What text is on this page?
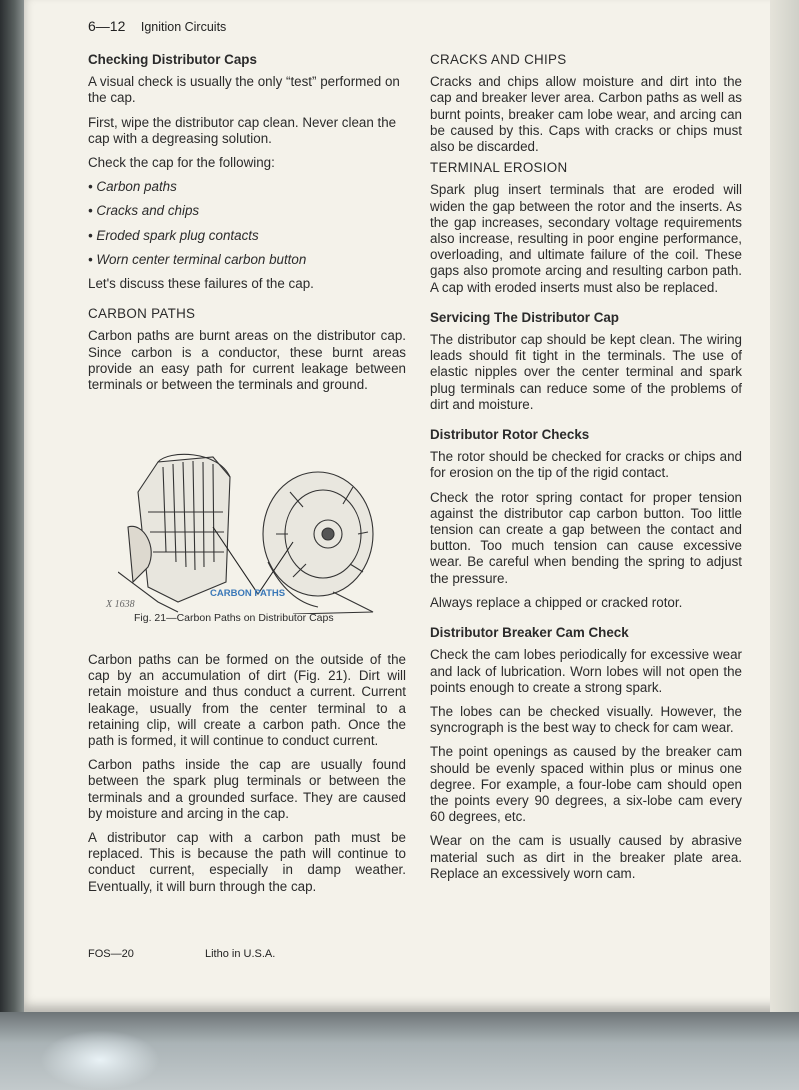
6—12 Ignition Circuits

Checking Distributor Caps

A visual check is usually the only “test” performed on the cap.

First, wipe the distributor cap clean. Never clean the cap with a degreasing solution.

Check the cap for the following:

• Carbon paths

• Cracks and chips

• Eroded spark plug contacts

• Worn center terminal carbon button

Let's discuss these failures of the cap.

CARBON PATHS

Carbon paths are burnt areas on the distributor cap. Since carbon is a conductor, these burnt areas provide an easy path for current leakage between terminals or between the terminals and ground.

CARBON PATHS
X 1638
Fig. 21—Carbon Paths on Distributor Caps

Carbon paths can be formed on the outside of the cap by an accumulation of dirt (Fig. 21). Dirt will retain moisture and thus conduct a current. Current leakage, usually from the center terminal to a retaining clip, will create a carbon path. Once the path is formed, it will continue to conduct current.

Carbon paths inside the cap are usually found between the spark plug terminals or between the terminals and a grounded surface. They are caused by moisture and arcing in the cap.

A distributor cap with a carbon path must be replaced. This is because the path will continue to conduct current, especially in damp weather. Eventually, it will burn through the cap.

CRACKS AND CHIPS

Cracks and chips allow moisture and dirt into the cap and breaker lever area. Carbon paths as well as burnt points, breaker cam lobe wear, and arcing can be caused by this. Caps with cracks or chips must also be discarded.

TERMINAL EROSION

Spark plug insert terminals that are eroded will widen the gap between the rotor and the inserts. As the gap increases, secondary voltage requirements also increase, resulting in poor engine performance, overloading, and ultimate failure of the coil. These gaps also promote arcing and resulting carbon path. A cap with eroded inserts must also be replaced.

Servicing The Distributor Cap

The distributor cap should be kept clean. The wiring leads should fit tight in the terminals. The use of elastic nipples over the center terminal and spark plug terminals can reduce some of the problems of dirt and moisture.

Distributor Rotor Checks

The rotor should be checked for cracks or chips and for erosion on the tip of the rigid contact.

Check the rotor spring contact for proper tension against the distributor cap carbon button. Too little tension can create a gap between the contact and button. Too much tension can cause excessive wear. Be careful when bending the spring to adjust the pressure.

Always replace a chipped or cracked rotor.

Distributor Breaker Cam Check

Check the cam lobes periodically for excessive wear and lack of lubrication. Worn lobes will not open the points enough to create a strong spark.

The lobes can be checked visually. However, the syncrograph is the best way to check for cam wear.

The point openings as caused by the breaker cam should be evenly spaced within plus or minus one degree. For example, a four-lobe cam should open the points every 90 degrees, a six-lobe cam every 60 degrees, etc.

Wear on the cam is usually caused by abrasive material such as dirt in the breaker plate area. Replace an excessively worn cam.

FOS—20	Litho in U.S.A.
